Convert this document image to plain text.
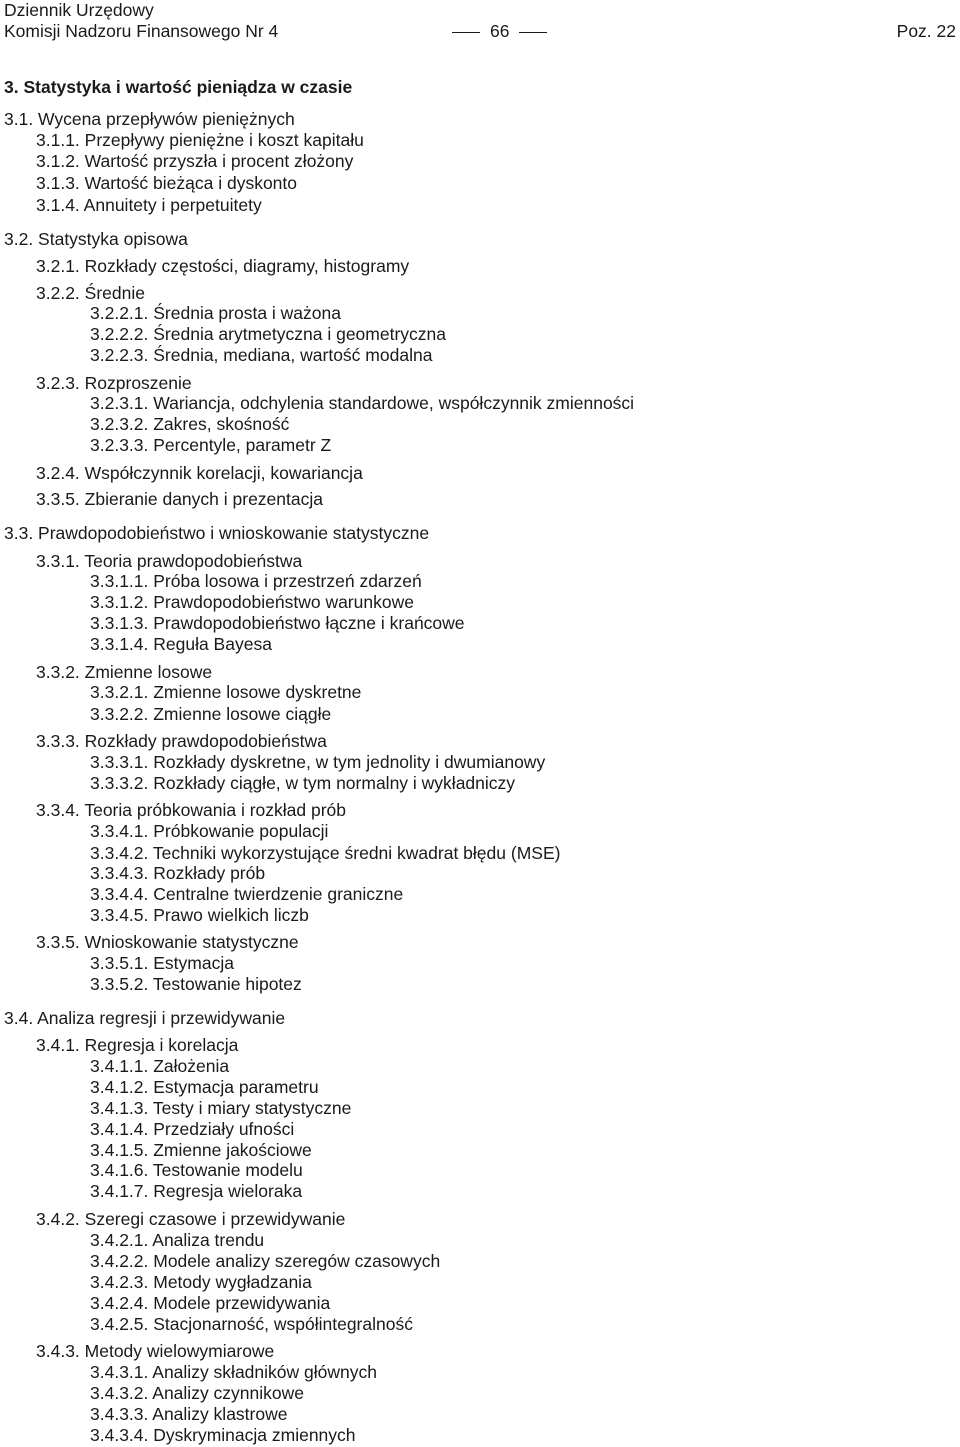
Dziennik Urzędowy
Komisji Nadzoru Finansowego Nr 4	66	Poz. 22
3. Statystyka i wartość pieniądza w czasie
3.1. Wycena przepływów pieniężnych
3.1.1. Przepływy pieniężne i koszt kapitału
3.1.2. Wartość przyszła i procent złożony
3.1.3. Wartość bieżąca i dyskonto
3.1.4. Annuitety i perpetuitety
3.2. Statystyka opisowa
3.2.1. Rozkłady częstości, diagramy, histogramy
3.2.2. Średnie
3.2.2.1. Średnia prosta i ważona
3.2.2.2. Średnia arytmetyczna i geometryczna
3.2.2.3. Średnia, mediana, wartość modalna
3.2.3. Rozproszenie
3.2.3.1. Wariancja, odchylenia standardowe, współczynnik zmienności
3.2.3.2. Zakres, skośność
3.2.3.3. Percentyle, parametr Z
3.2.4. Współczynnik korelacji, kowariancja
3.3.5. Zbieranie danych i prezentacja
3.3. Prawdopodobieństwo i wnioskowanie statystyczne
3.3.1. Teoria prawdopodobieństwa
3.3.1.1. Próba losowa i przestrzeń zdarzeń
3.3.1.2. Prawdopodobieństwo warunkowe
3.3.1.3. Prawdopodobieństwo łączne i krańcowe
3.3.1.4. Reguła Bayesa
3.3.2. Zmienne losowe
3.3.2.1. Zmienne losowe dyskretne
3.3.2.2. Zmienne losowe ciągłe
3.3.3. Rozkłady prawdopodobieństwa
3.3.3.1. Rozkłady dyskretne, w tym jednolity i dwumianowy
3.3.3.2. Rozkłady ciągłe, w tym normalny i wykładniczy
3.3.4. Teoria próbkowania i rozkład prób
3.3.4.1. Próbkowanie populacji
3.3.4.2. Techniki wykorzystujące średni kwadrat błędu (MSE)
3.3.4.3. Rozkłady prób
3.3.4.4. Centralne twierdzenie graniczne
3.3.4.5. Prawo wielkich liczb
3.3.5. Wnioskowanie statystyczne
3.3.5.1. Estymacja
3.3.5.2. Testowanie hipotez
3.4. Analiza regresji i przewidywanie
3.4.1. Regresja i korelacja
3.4.1.1. Założenia
3.4.1.2. Estymacja parametru
3.4.1.3. Testy i miary statystyczne
3.4.1.4. Przedziały ufności
3.4.1.5. Zmienne jakościowe
3.4.1.6. Testowanie modelu
3.4.1.7. Regresja wieloraka
3.4.2. Szeregi czasowe i przewidywanie
3.4.2.1. Analiza trendu
3.4.2.2. Modele analizy szeregów czasowych
3.4.2.3. Metody wygładzania
3.4.2.4. Modele przewidywania
3.4.2.5. Stacjonarność, współintegralność
3.4.3. Metody wielowymiarowe
3.4.3.1. Analizy składników głównych
3.4.3.2. Analizy czynnikowe
3.4.3.3. Analizy klastrowe
3.4.3.4. Dyskryminacja zmiennych
